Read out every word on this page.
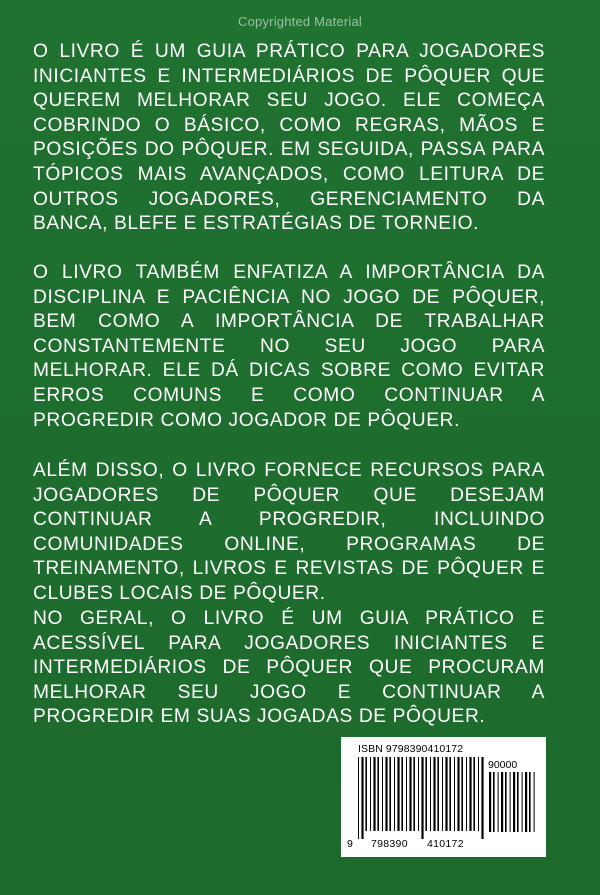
Copyrighted Material
O LIVRO É UM GUIA PRÁTICO PARA JOGADORES INICIANTES E INTERMEDIÁRIOS DE PÔQUER QUE QUEREM MELHORAR SEU JOGO. ELE COMEÇA COBRINDO O BÁSICO, COMO REGRAS, MÃOS E POSIÇÕES DO PÔQUER. EM SEGUIDA, PASSA PARA TÓPICOS MAIS AVANÇADOS, COMO LEITURA DE OUTROS JOGADORES, GERENCIAMENTO DA BANCA, BLEFE E ESTRATÉGIAS DE TORNEIO.
O LIVRO TAMBÉM ENFATIZA A IMPORTÂNCIA DA DISCIPLINA E PACIÊNCIA NO JOGO DE PÔQUER, BEM COMO A IMPORTÂNCIA DE TRABALHAR CONSTANTEMENTE NO SEU JOGO PARA MELHORAR. ELE DÁ DICAS SOBRE COMO EVITAR ERROS COMUNS E COMO CONTINUAR A PROGREDIR COMO JOGADOR DE PÔQUER.
ALÉM DISSO, O LIVRO FORNECE RECURSOS PARA JOGADORES DE PÔQUER QUE DESEJAM CONTINUAR A PROGREDIR, INCLUINDO COMUNIDADES ONLINE, PROGRAMAS DE TREINAMENTO, LIVROS E REVISTAS DE PÔQUER E CLUBES LOCAIS DE PÔQUER.
NO GERAL, O LIVRO É UM GUIA PRÁTICO E ACESSÍVEL PARA JOGADORES INICIANTES E INTERMEDIÁRIOS DE PÔQUER QUE PROCURAM MELHORAR SEU JOGO E CONTINUAR A PROGREDIR EM SUAS JOGADAS DE PÔQUER.
ISBN 9798390410172
90000
9 798390 410172
